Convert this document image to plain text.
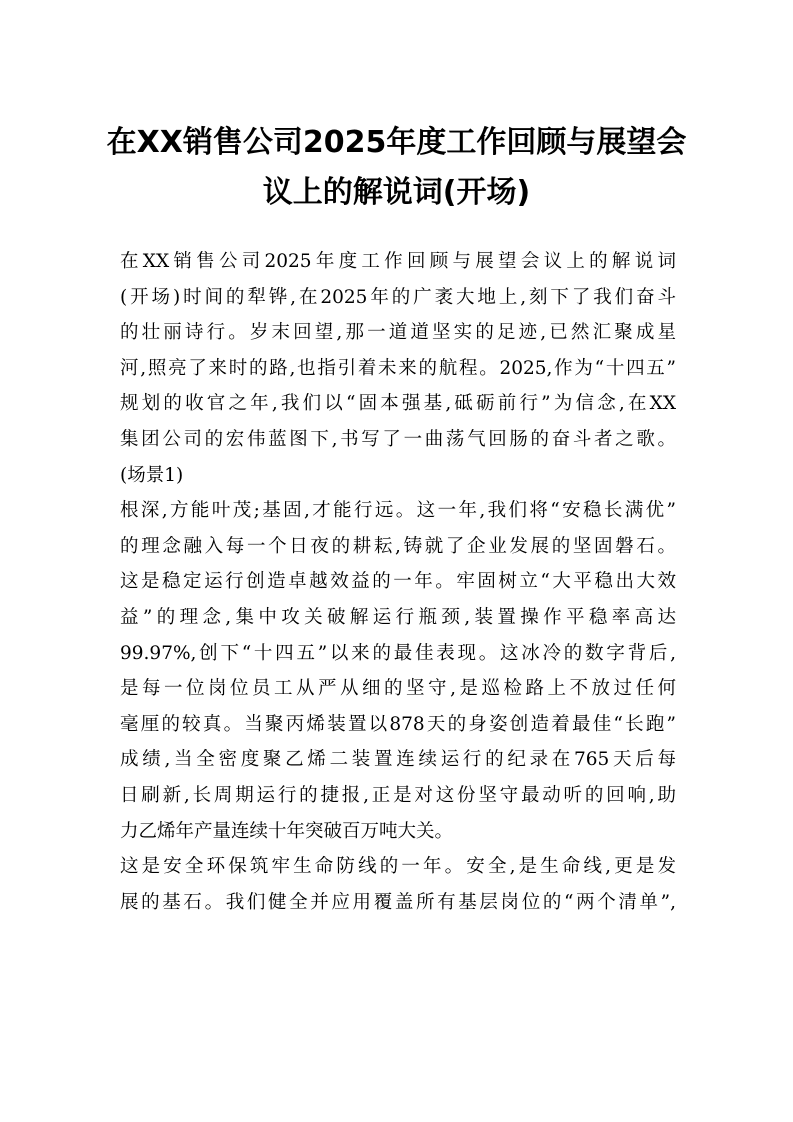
在XX销售公司2025年度工作回顾与展望会
议上的解说词(开场)
在XX销售公司2025年度工作回顾与展望会议上的解说词
(开场)时间的犁铧,在2025年的广袤大地上,刻下了我们奋斗
的壮丽诗行。岁末回望,那一道道坚实的足迹,已然汇聚成星
河,照亮了来时的路,也指引着未来的航程。2025,作为“十四五”
规划的收官之年,我们以“固本强基,砥砺前行”为信念,在XX
集团公司的宏伟蓝图下,书写了一曲荡气回肠的奋斗者之歌。
(场景1)
根深,方能叶茂;基固,才能行远。这一年,我们将“安稳长满优”
的理念融入每一个日夜的耕耘,铸就了企业发展的坚固磐石。
这是稳定运行创造卓越效益的一年。牢固树立“大平稳出大效
益”的理念,集中攻关破解运行瓶颈,装置操作平稳率高达
99.97%,创下“十四五”以来的最佳表现。这冰冷的数字背后,
是每一位岗位员工从严从细的坚守,是巡检路上不放过任何
毫厘的较真。当聚丙烯装置以878天的身姿创造着最佳“长跑”
成绩,当全密度聚乙烯二装置连续运行的纪录在765天后每
日刷新,长周期运行的捷报,正是对这份坚守最动听的回响,助
力乙烯年产量连续十年突破百万吨大关。
这是安全环保筑牢生命防线的一年。安全,是生命线,更是发
展的基石。我们健全并应用覆盖所有基层岗位的“两个清单”,
